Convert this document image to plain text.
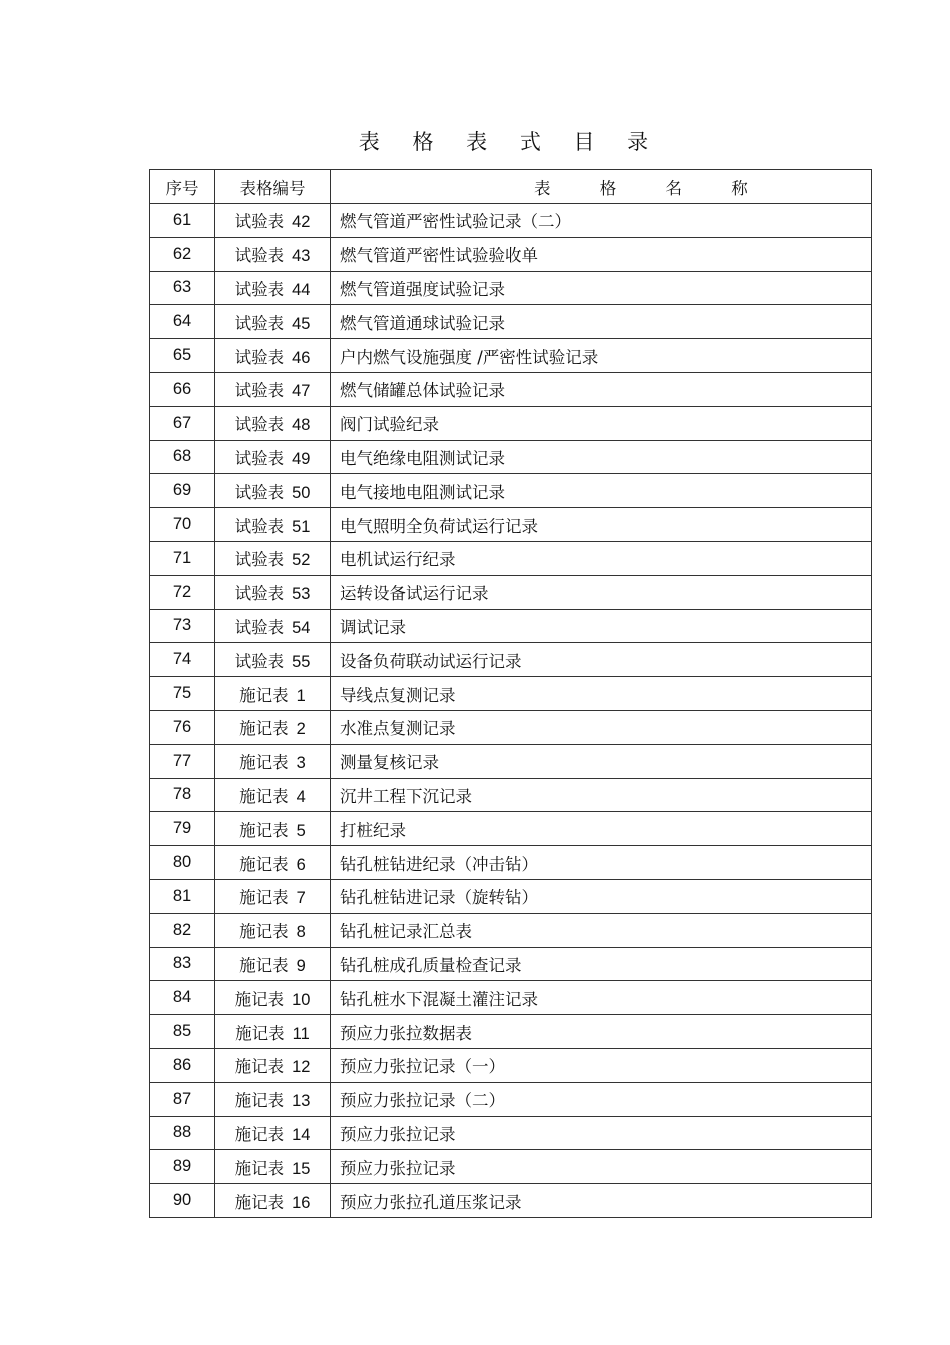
表 格 表 式 目 录
序号	表格编号	表 格 名 称
61	试验表 42	燃气管道严密性试验记录（二）
62	试验表 43	燃气管道严密性试验验收单
63	试验表 44	燃气管道强度试验记录
64	试验表 45	燃气管道通球试验记录
65	试验表 46	户内燃气设施强度 /严密性试验记录
66	试验表 47	燃气储罐总体试验记录
67	试验表 48	阀门试验纪录
68	试验表 49	电气绝缘电阻测试记录
69	试验表 50	电气接地电阻测试记录
70	试验表 51	电气照明全负荷试运行记录
71	试验表 52	电机试运行纪录
72	试验表 53	运转设备试运行记录
73	试验表 54	调试记录
74	试验表 55	设备负荷联动试运行记录
75	施记表 1	导线点复测记录
76	施记表 2	水准点复测记录
77	施记表 3	测量复核记录
78	施记表 4	沉井工程下沉记录
79	施记表 5	打桩纪录
80	施记表 6	钻孔桩钻进纪录（冲击钻）
81	施记表 7	钻孔桩钻进记录（旋转钻）
82	施记表 8	钻孔桩记录汇总表
83	施记表 9	钻孔桩成孔质量检查记录
84	施记表 10	钻孔桩水下混凝土灌注记录
85	施记表 11	预应力张拉数据表
86	施记表 12	预应力张拉记录（一）
87	施记表 13	预应力张拉记录（二）
88	施记表 14	预应力张拉记录
89	施记表 15	预应力张拉记录
90	施记表 16	预应力张拉孔道压浆记录
